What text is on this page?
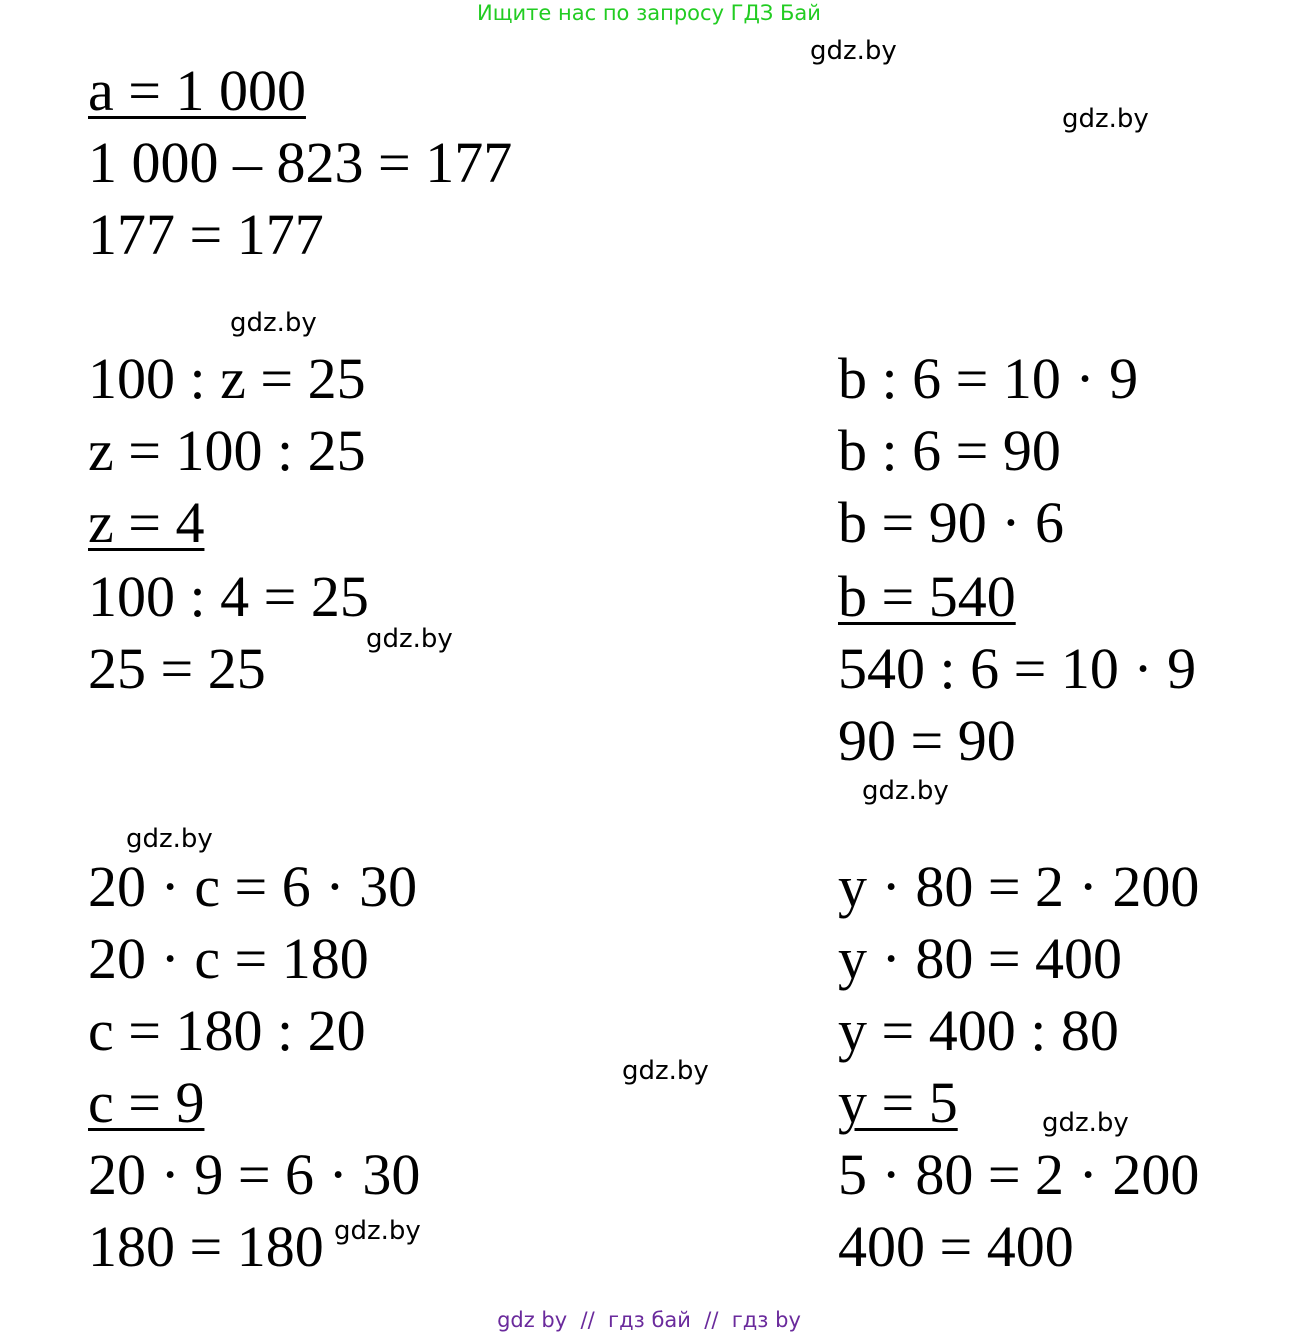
Ищите нас по запросу ГДЗ Бай
gdz.by
gdz.by
gdz.by
gdz.by
gdz.by
gdz.by
gdz.by
gdz.by
gdz.by
a = 1 000
1 000 – 823 = 177
177 = 177
100 : z = 25
z = 100 : 25
z = 4
100 : 4 = 25
25 = 25
b : 6 = 10 · 9
b : 6 = 90
b = 90 · 6
b = 540
540 : 6 = 10 · 9
90 = 90
20 · c = 6 · 30
20 · c = 180
c = 180 : 20
c = 9
20 · 9 = 6 · 30
180 = 180
y · 80 = 2 · 200
y · 80 = 400
y = 400 : 80
y = 5
5 · 80 = 2 · 200
400 = 400
gdz by  //  гдз бай  //  гдз by
